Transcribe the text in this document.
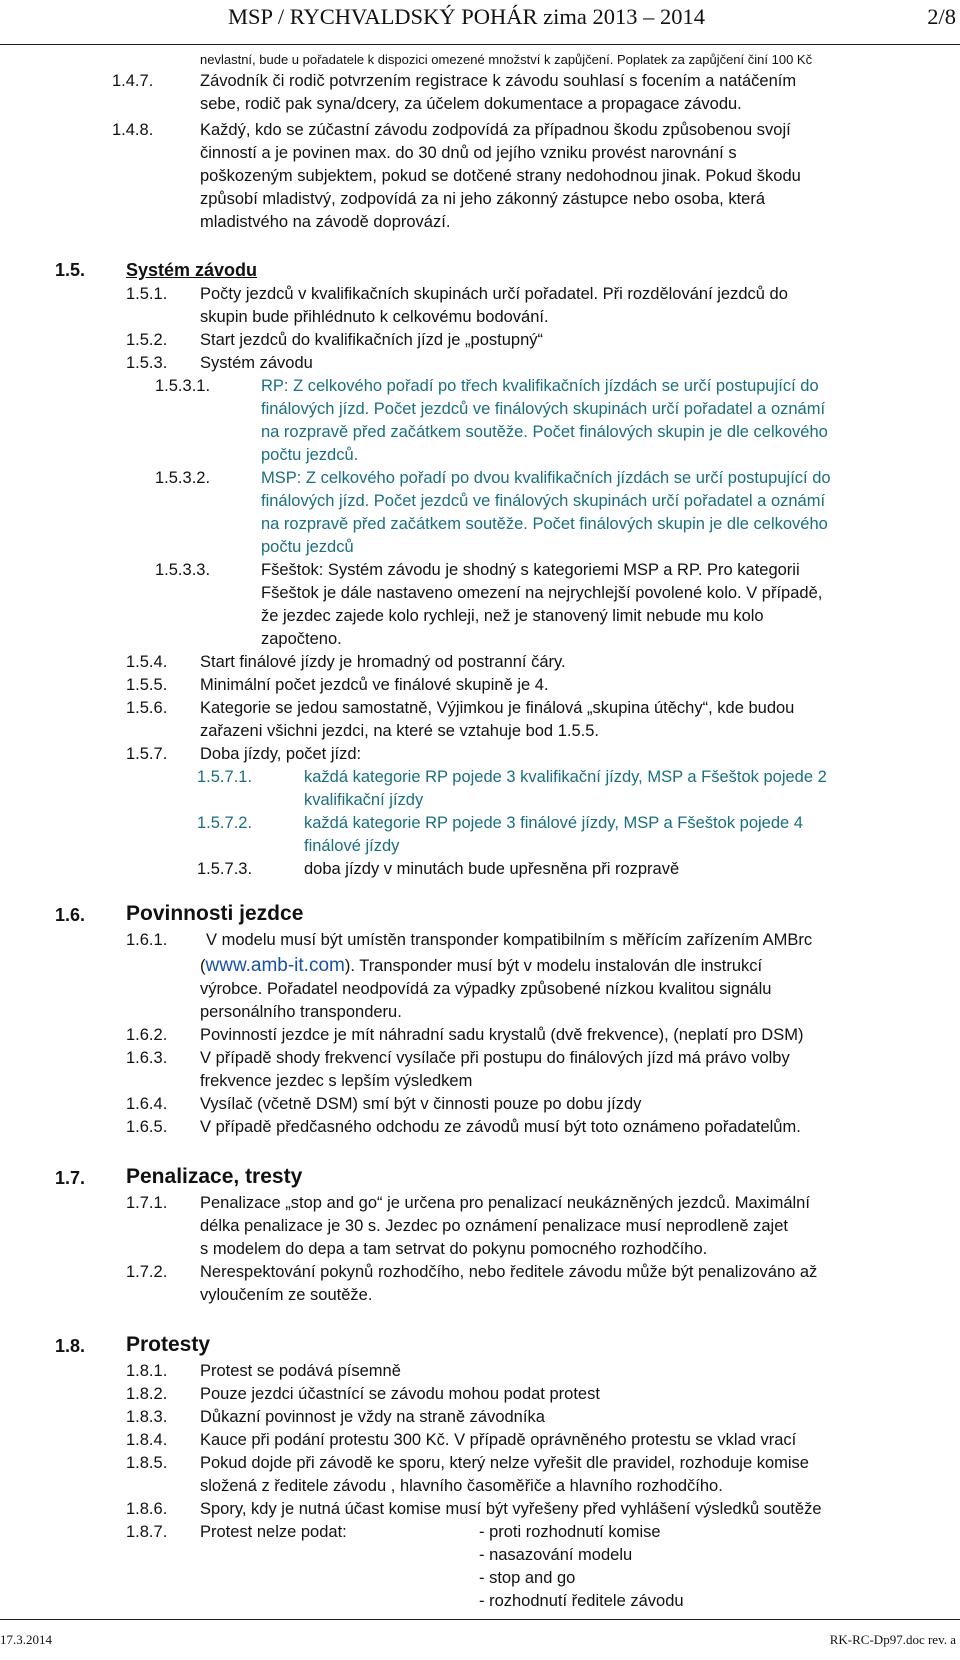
MSP / RYCHVALDSKÝ POHÁR zima 2013 – 2014	2/8
nevlastní, bude u pořadatele k dispozici omezené množství k zapůjčení. Poplatek za zapůjčení činí 100 Kč
1.4.7.	Závodník či rodič potvrzením registrace k závodu souhlasí s focením a natáčením
sebe, rodič pak syna/dcery, za účelem dokumentace a propagace závodu.
1.4.8.	Každý, kdo se zúčastní závodu zodpovídá za případnou škodu způsobenou svojí
činností a je povinen max. do 30 dnů od jejího vzniku provést narovnání s
poškozeným subjektem, pokud se dotčené strany nedohodnou jinak. Pokud škodu
způsobí mladistvý, zodpovídá za ni jeho zákonný zástupce nebo osoba, která
mladistvého na závodě doprovází.
1.5. Systém závodu
1.5.1. Počty jezdců v kvalifikačních skupinách určí pořadatel. Při rozdělování jezdců do
skupin bude přihlédnuto k celkovému bodování.
1.5.2. Start jezdců do kvalifikačních jízd je „postupný“
1.5.3. Systém závodu
1.5.3.1.	RP: Z celkového pořadí po třech kvalifikačních jízdách se určí postupující do
finálových jízd. Počet jezdců ve finálových skupinách určí pořadatel a oznámí
na rozpravě před začátkem soutěže. Počet finálových skupin je dle celkového
počtu jezdců.
1.5.3.2.	MSP: Z celkového pořadí po dvou kvalifikačních jízdách se určí postupující do
finálových jízd. Počet jezdců ve finálových skupinách určí pořadatel a oznámí
na rozpravě před začátkem soutěže. Počet finálových skupin je dle celkového
počtu jezdců
1.5.3.3.	Fšeštok: Systém závodu je shodný s kategoriemi MSP a RP. Pro kategorii
Fšeštok je dále nastaveno omezení na nejrychlejší povolené kolo. V případě,
že jezdec zajede kolo rychleji, než je stanovený limit nebude mu kolo
započteno.
1.5.4. Start finálové jízdy je hromadný od postranní čáry.
1.5.5. Minimální počet jezdců ve finálové skupině je 4.
1.5.6. Kategorie se jedou samostatně, Výjimkou je finálová „skupina útěchy“, kde budou
zařazeni všichni jezdci, na které se vztahuje bod 1.5.5.
1.5.7. Doba jízdy, počet jízd:
1.5.7.1.	každá kategorie RP pojede 3 kvalifikační jízdy, MSP a Fšeštok pojede 2
kvalifikační jízdy
1.5.7.2.	každá kategorie RP pojede 3 finálové jízdy, MSP a Fšeštok pojede 4
finálové jízdy
1.5.7.3.	doba jízdy v minutách bude upřesněna při rozpravě
1.6. Povinnosti jezdce
1.6.1. V modelu musí být umístěn transponder kompatibilním s měřícím zařízením AMBrc
(www.amb-it.com). Transponder musí být v modelu instalován dle instrukcí
výrobce. Pořadatel neodpovídá za výpadky způsobené nízkou kvalitou signálu
personálního transponderu.
1.6.2. Povinností jezdce je mít náhradní sadu krystalů (dvě frekvence), (neplatí pro DSM)
1.6.3. V případě shody frekvencí vysílače při postupu do finálových jízd má právo volby
frekvence jezdec s lepším výsledkem
1.6.4. Vysílač (včetně DSM) smí být v činnosti pouze po dobu jízdy
1.6.5. V případě předčasného odchodu ze závodů musí být toto oznámeno pořadatelům.
1.7. Penalizace, tresty
1.7.1. Penalizace „stop and go“ je určena pro penalizací neukázněných jezdců. Maximální
délka penalizace je 30 s. Jezdec po oznámení penalizace musí neprodleně zajet
s modelem do depa a tam setrvat do pokynu pomocného rozhodčího.
1.7.2. Nerespektování pokynů rozhodčího, nebo ředitele závodu může být penalizováno až
vyloučením ze soutěže.
1.8. Protesty
1.8.1. Protest se podává písemně
1.8.2. Pouze jezdci účastnící se závodu mohou podat protest
1.8.3. Důkazní povinnost je vždy na straně závodníka
1.8.4. Kauce při podání protestu 300 Kč. V případě oprávněného protestu se vklad vrací
1.8.5. Pokud dojde při závodě ke sporu, který nelze vyřešit dle pravidel, rozhoduje komise
složená z ředitele závodu , hlavního časoměřiče a hlavního rozhodčího.
1.8.6. Spory, kdy je nutná účast komise musí být vyřešeny před vyhlášení výsledků soutěže
1.8.7. Protest nelze podat:	- proti rozhodnutí komise
- nasazování modelu
- stop and go
- rozhodnutí ředitele závodu
17.3.2014	RK-RC-Dp97.doc rev. a
